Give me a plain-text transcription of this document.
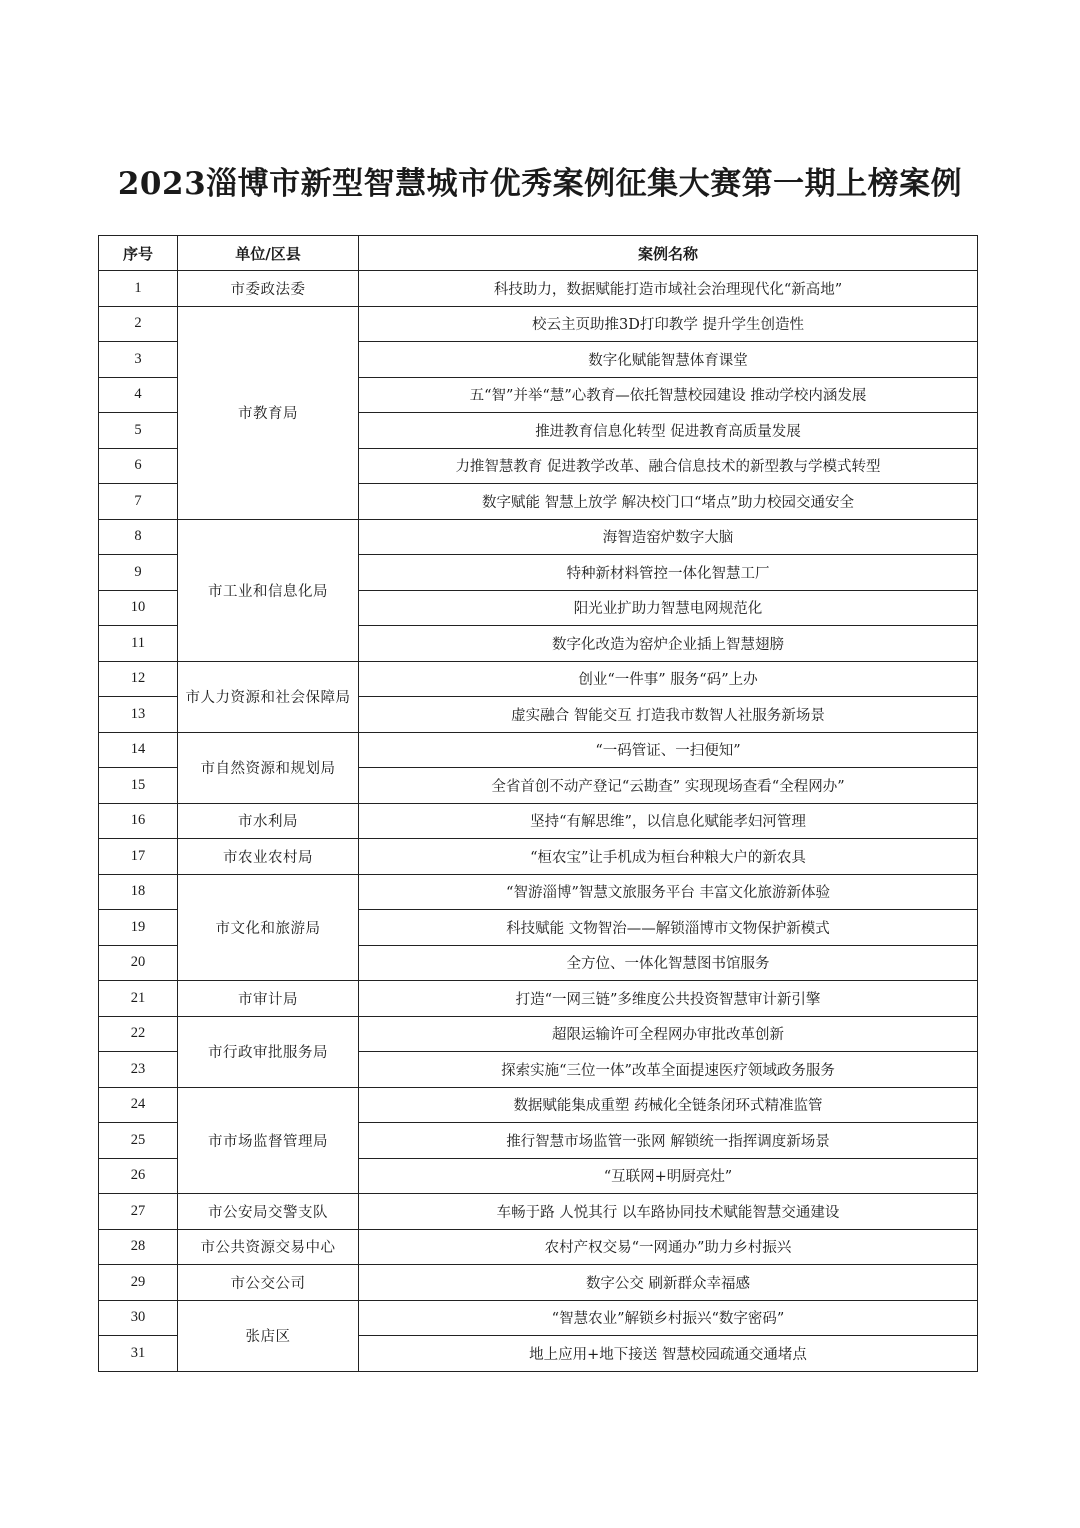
2023淄博市新型智慧城市优秀案例征集大赛第一期上榜案例
序号	单位/区县	案例名称
1	市委政法委	科技助力，数据赋能打造市域社会治理现代化“新高地”
2	市教育局	校云主页助推3D打印教学 提升学生创造性
3		数字化赋能智慧体育课堂
4		五“智”并举“慧”心教育—依托智慧校园建设 推动学校内涵发展
5		推进教育信息化转型 促进教育高质量发展
6		力推智慧教育 促进教学改革、融合信息技术的新型教与学模式转型
7		数字赋能 智慧上放学 解决校门口“堵点”助力校园交通安全
8	市工业和信息化局	海智造窑炉数字大脑
9		特种新材料管控一体化智慧工厂
10		阳光业扩助力智慧电网规范化
11		数字化改造为窑炉企业插上智慧翅膀
12	市人力资源和社会保障局	创业“一件事” 服务“码”上办
13		虚实融合 智能交互 打造我市数智人社服务新场景
14	市自然资源和规划局	“一码管证、一扫便知”
15		全省首创不动产登记“云勘查” 实现现场查看“全程网办”
16	市水利局	坚持“有解思维”，以信息化赋能孝妇河管理
17	市农业农村局	“桓农宝”让手机成为桓台种粮大户的新农具
18	市文化和旅游局	“智游淄博”智慧文旅服务平台 丰富文化旅游新体验
19		科技赋能 文物智治——解锁淄博市文物保护新模式
20		全方位、一体化智慧图书馆服务
21	市审计局	打造“一网三链”多维度公共投资智慧审计新引擎
22	市行政审批服务局	超限运输许可全程网办审批改革创新
23		探索实施“三位一体”改革全面提速医疗领域政务服务
24	市市场监督管理局	数据赋能集成重塑 药械化全链条闭环式精准监管
25		推行智慧市场监管一张网 解锁统一指挥调度新场景
26		“互联网+明厨亮灶”
27	市公安局交警支队	车畅于路 人悦其行 以车路协同技术赋能智慧交通建设
28	市公共资源交易中心	农村产权交易“一网通办”助力乡村振兴
29	市公交公司	数字公交 刷新群众幸福感
30	张店区	“智慧农业”解锁乡村振兴“数字密码”
31		地上应用+地下接送 智慧校园疏通交通堵点
